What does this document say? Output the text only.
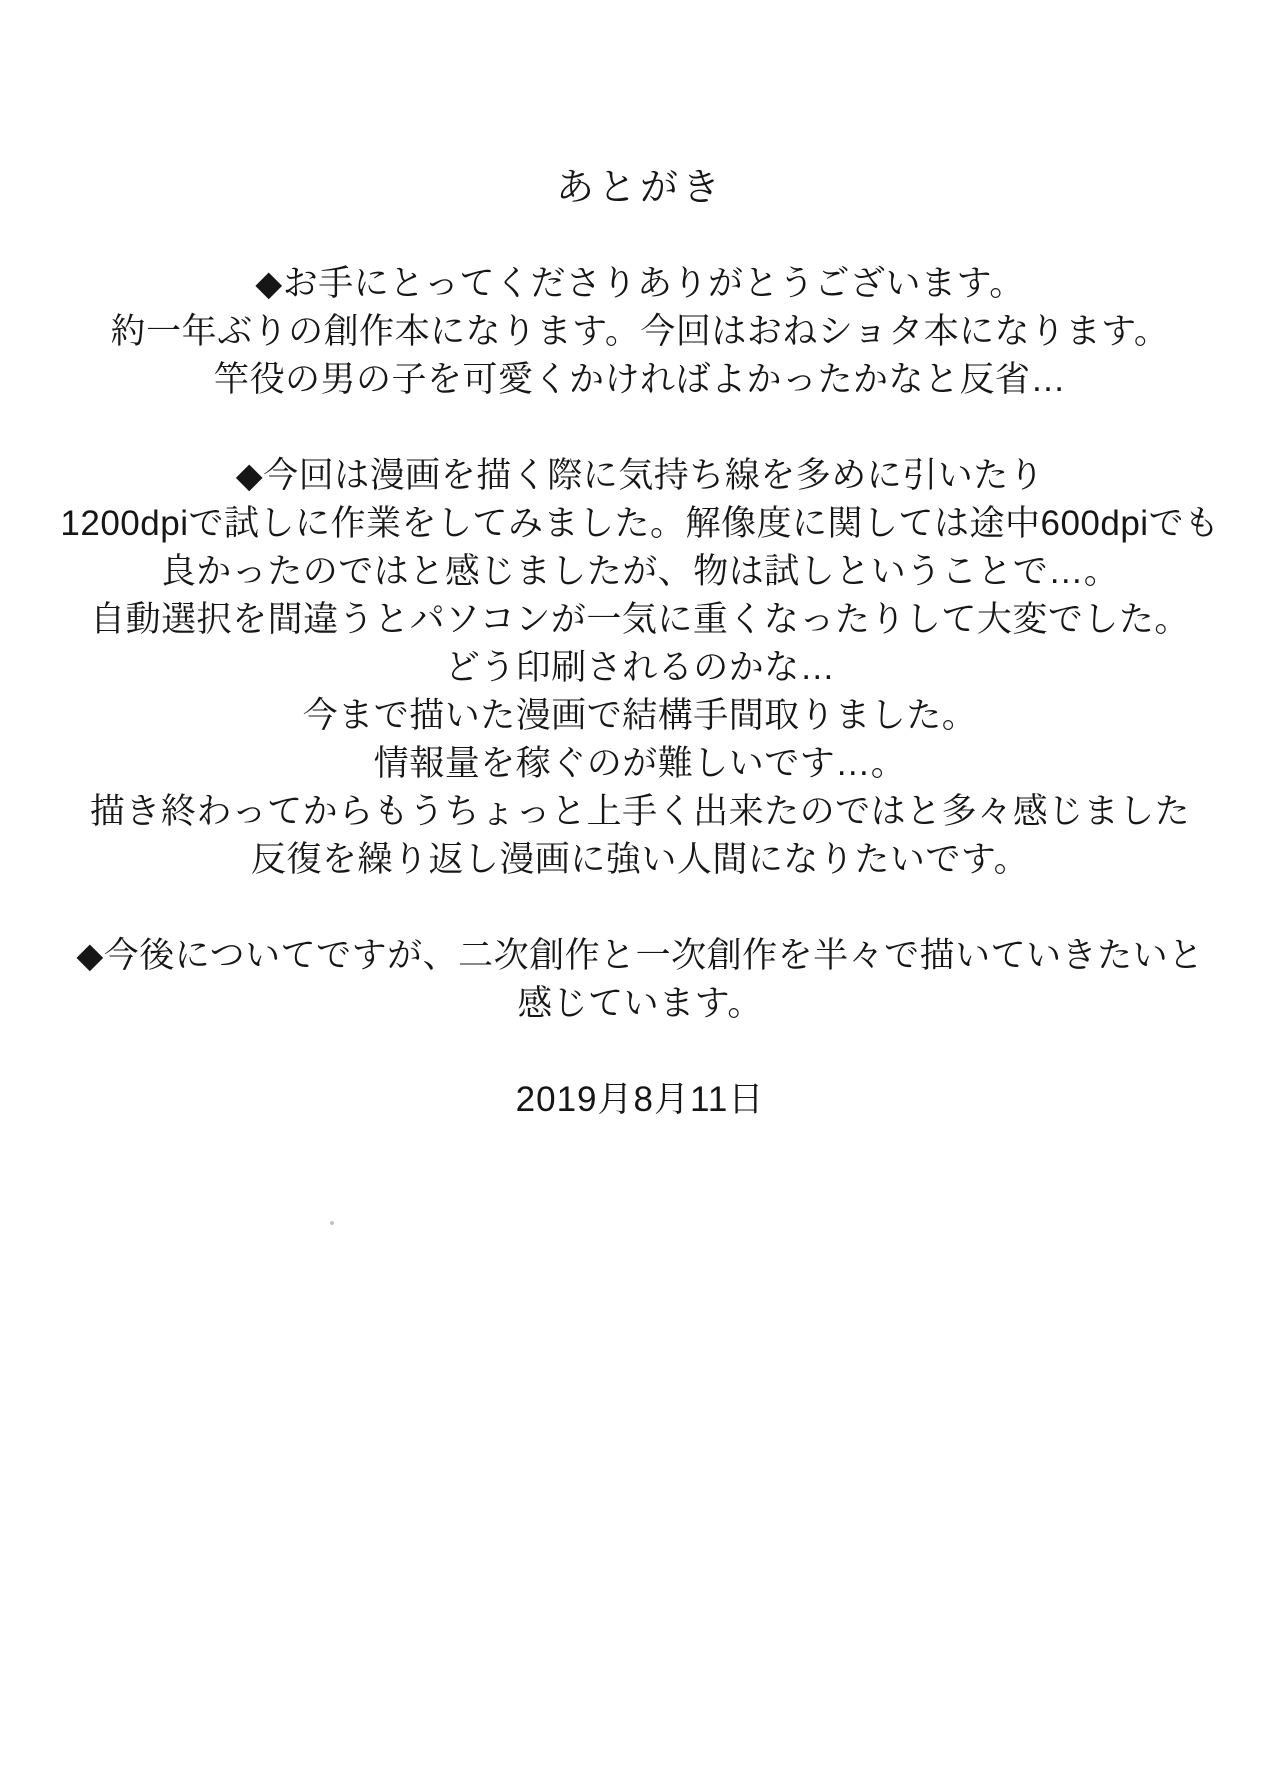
あとがき
◆お手にとってくださりありがとうございます。
約一年ぶりの創作本になります。今回はおねショタ本になります。
竿役の男の子を可愛くかければよかったかなと反省…
◆今回は漫画を描く際に気持ち線を多めに引いたり
1200dpiで試しに作業をしてみました。解像度に関しては途中600dpiでも
良かったのではと感じましたが、物は試しということで…。
自動選択を間違うとパソコンが一気に重くなったりして大変でした。
どう印刷されるのかな…
今まで描いた漫画で結構手間取りました。
情報量を稼ぐのが難しいです…。
描き終わってからもうちょっと上手く出来たのではと多々感じました
反復を繰り返し漫画に強い人間になりたいです。
◆今後についてですが、二次創作と一次創作を半々で描いていきたいと
感じています。
2019月8月11日
